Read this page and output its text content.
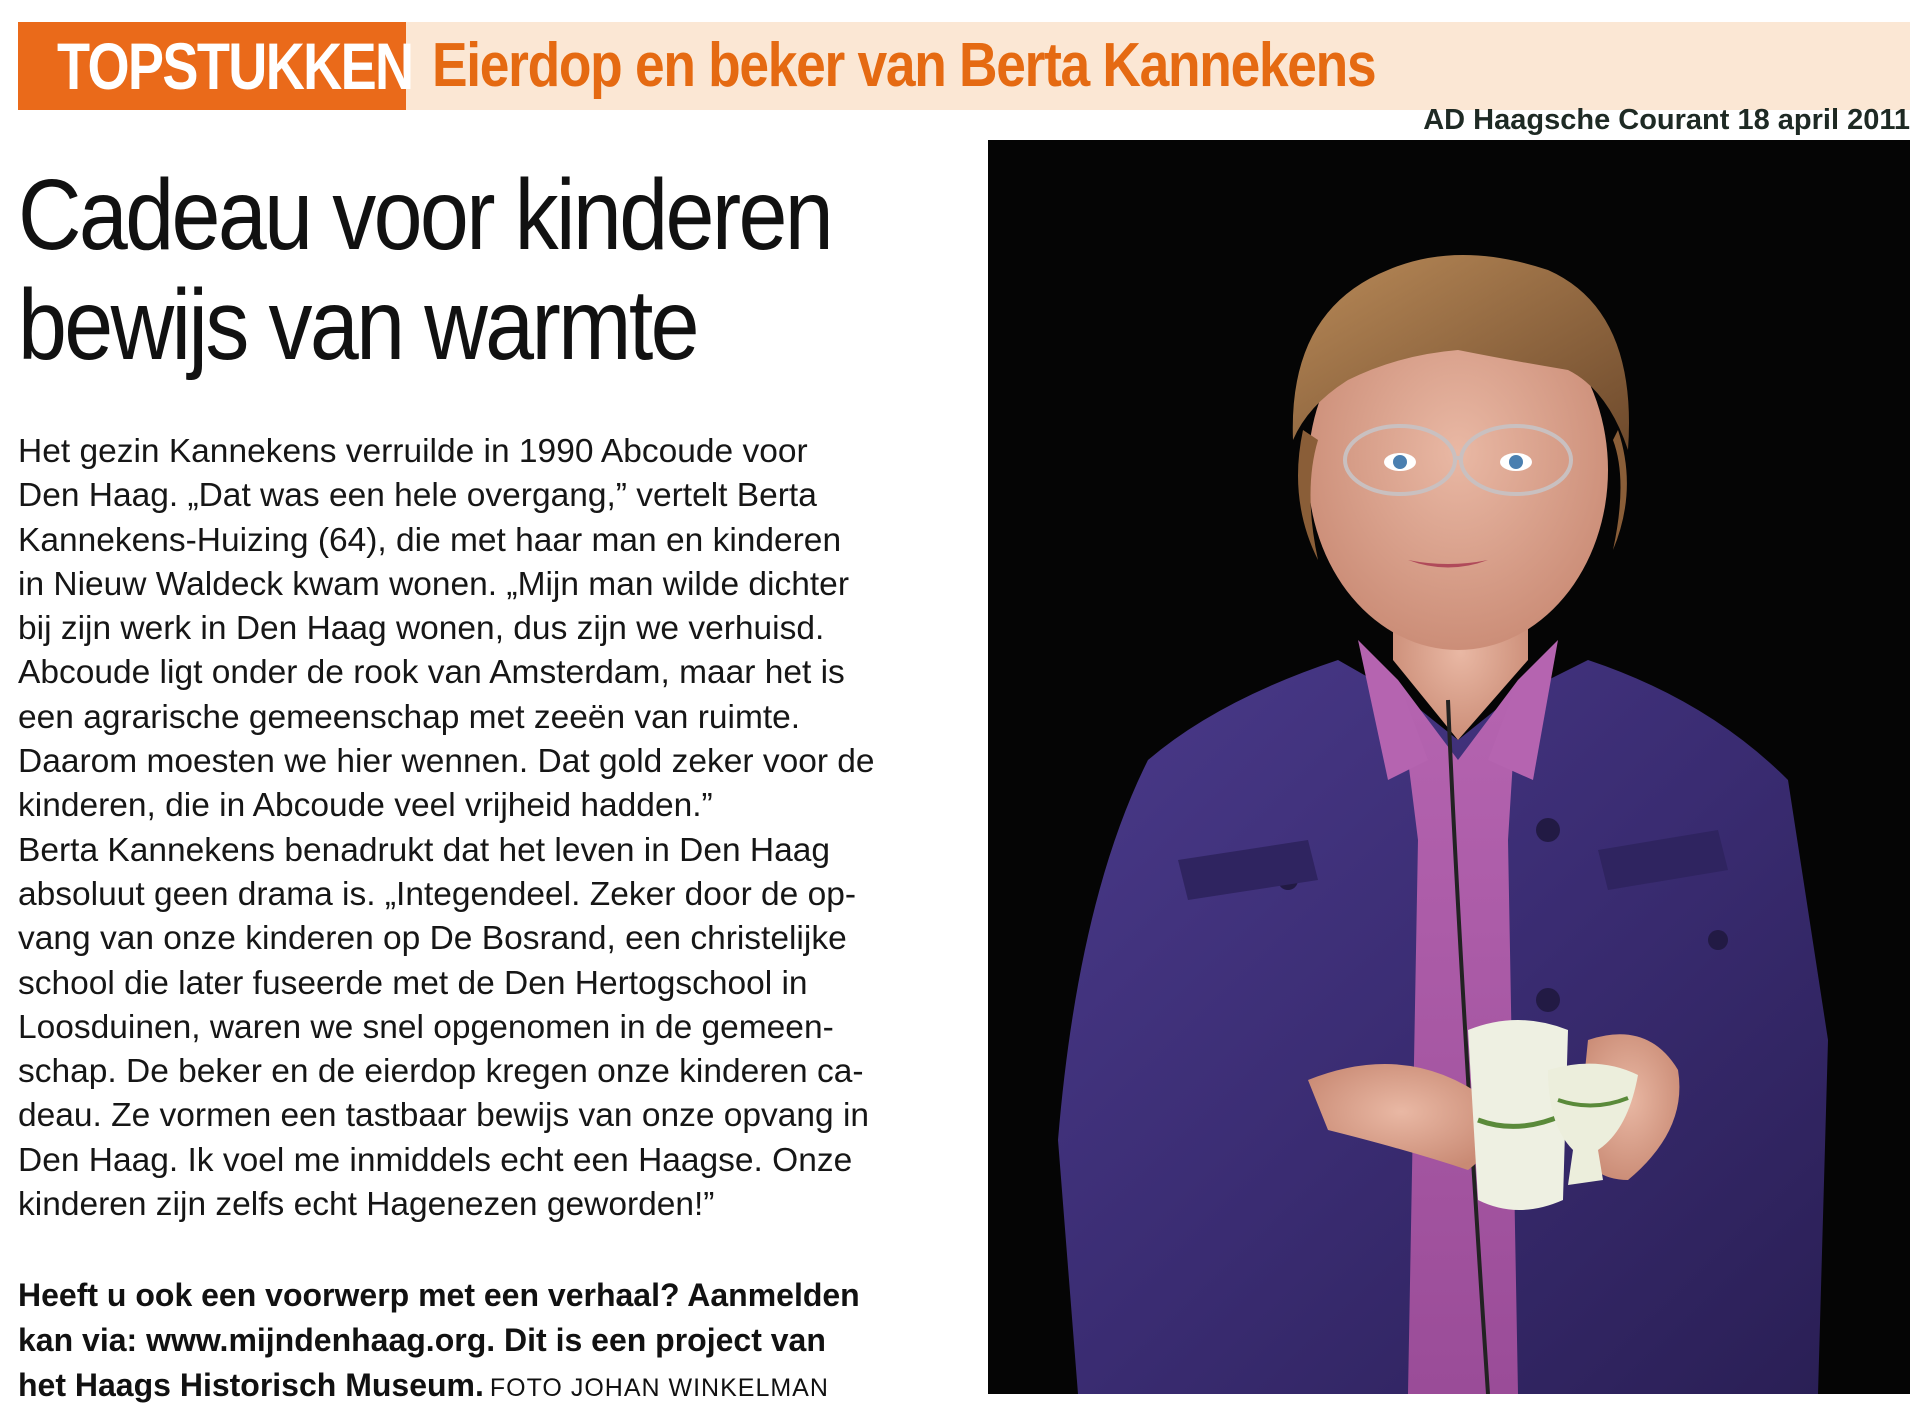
TOPSTUKKEN Eierdop en beker van Berta Kannekens
AD Haagsche Courant 18 april 2011
Cadeau voor kinderen
bewijs van warmte
Het gezin Kannekens verruilde in 1990 Abcoude voor
Den Haag. „Dat was een hele overgang,” vertelt Berta
Kannekens-Huizing (64), die met haar man en kinderen
in Nieuw Waldeck kwam wonen. „Mijn man wilde dichter
bij zijn werk in Den Haag wonen, dus zijn we verhuisd.
Abcoude ligt onder de rook van Amsterdam, maar het is
een agrarische gemeenschap met zeeën van ruimte.
Daarom moesten we hier wennen. Dat gold zeker voor de
kinderen, die in Abcoude veel vrijheid hadden.”
Berta Kannekens benadrukt dat het leven in Den Haag
absoluut geen drama is. „Integendeel. Zeker door de op-
vang van onze kinderen op De Bosrand, een christelijke
school die later fuseerde met de Den Hertogschool in
Loosduinen, waren we snel opgenomen in de gemeen-
schap. De beker en de eierdop kregen onze kinderen ca-
deau. Ze vormen een tastbaar bewijs van onze opvang in
Den Haag. Ik voel me inmiddels echt een Haagse. Onze
kinderen zijn zelfs echt Hagenezen geworden!”
Heeft u ook een voorwerp met een verhaal? Aanmelden
kan via: www.mijndenhaag.org. Dit is een project van
het Haags Historisch Museum. FOTO JOHAN WINKELMAN
